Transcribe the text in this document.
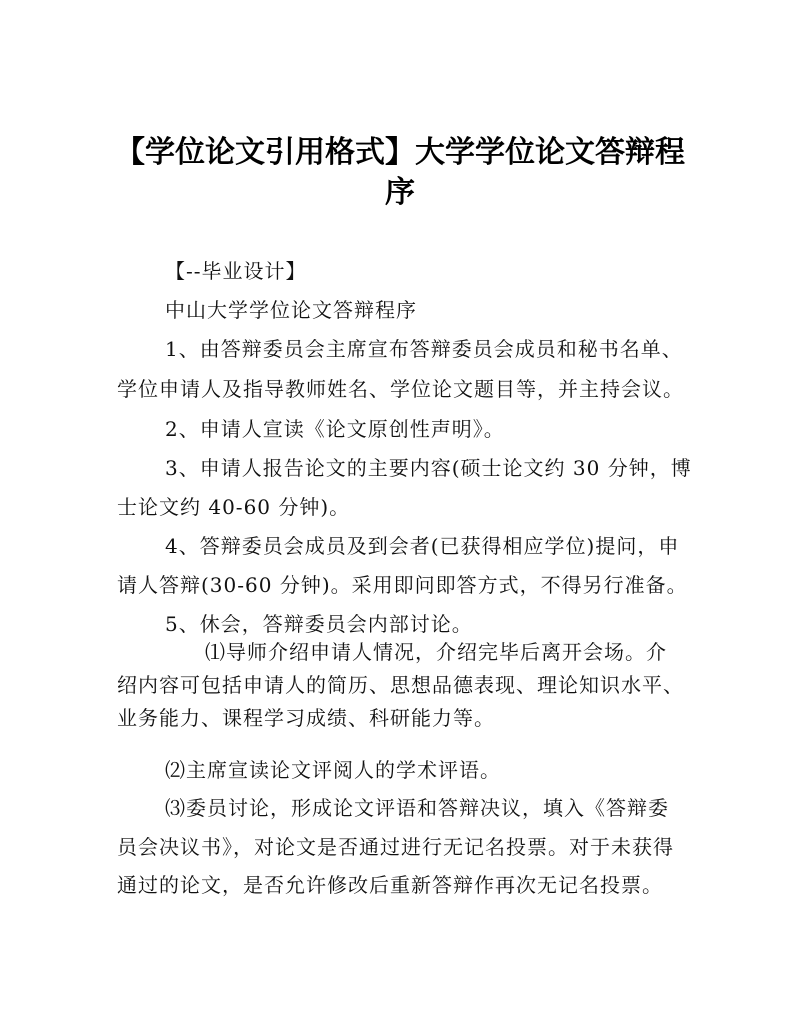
【学位论文引用格式】大学学位论文答辩程
序
【--毕业设计】
中山大学学位论文答辩程序
1、由答辩委员会主席宣布答辩委员会成员和秘书名单、
学位申请人及指导教师姓名、学位论文题目等，并主持会议。
2、申请人宣读《论文原创性声明》。
3、申请人报告论文的主要内容(硕士论文约 30 分钟，博
士论文约 40-60 分钟)。
4、答辩委员会成员及到会者(已获得相应学位)提问，申
请人答辩(30-60 分钟)。采用即问即答方式，不得另行准备。
5、休会，答辩委员会内部讨论。
⑴导师介绍申请人情况，介绍完毕后离开会场。介
绍内容可包括申请人的简历、思想品德表现、理论知识水平、
业务能力、课程学习成绩、科研能力等。
⑵主席宣读论文评阅人的学术评语。
⑶委员讨论，形成论文评语和答辩决议，填入《答辩委
员会决议书》，对论文是否通过进行无记名投票。对于未获得
通过的论文，是否允许修改后重新答辩作再次无记名投票。
